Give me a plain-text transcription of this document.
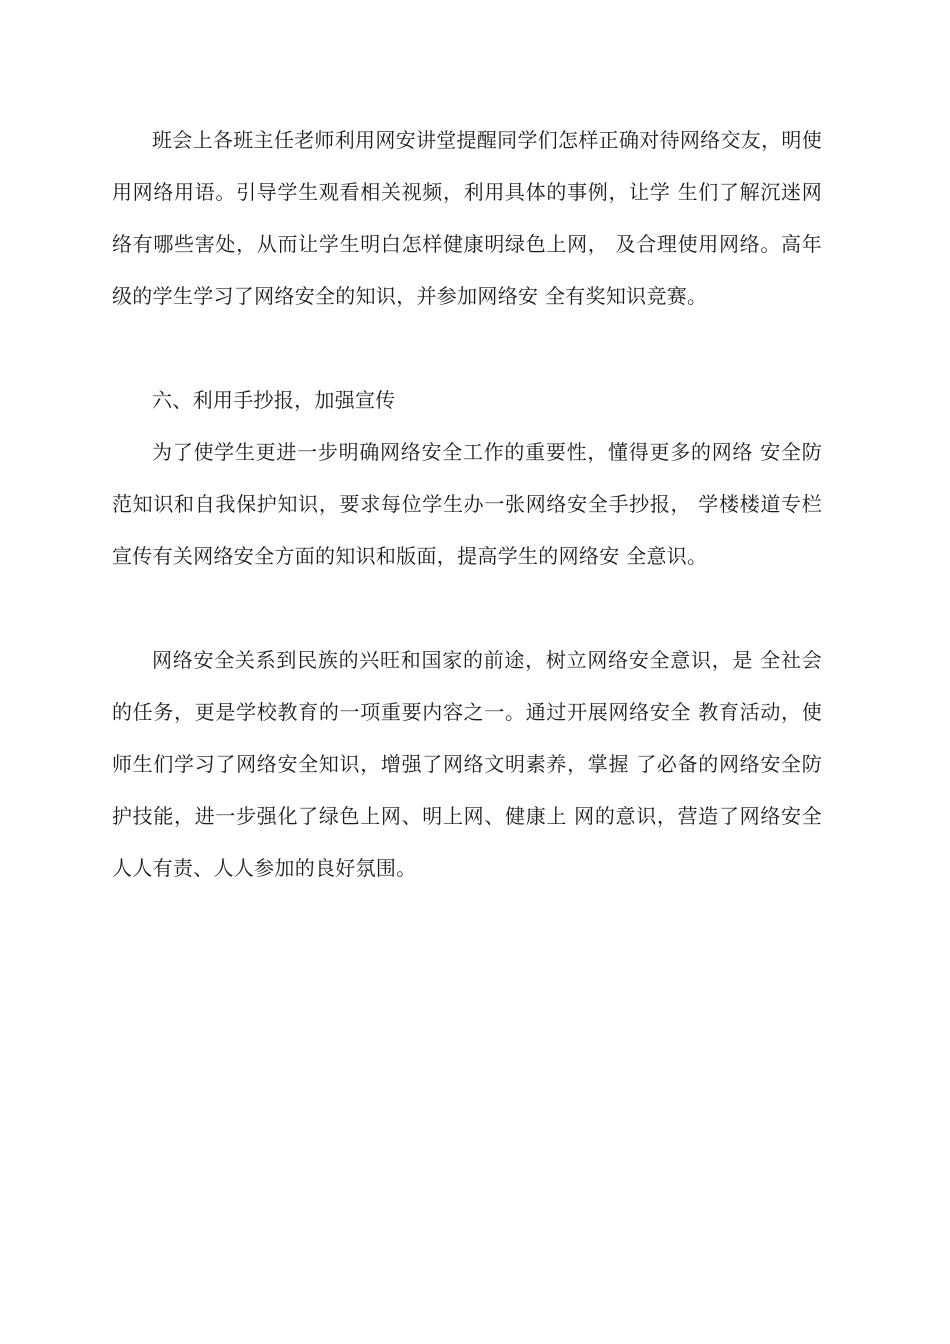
班会上各班主任老师利用网安讲堂提醒同学们怎样正确对待网络交友，明使用网络用语。引导学生观看相关视频，利用具体的事例，让学 生们了解沉迷网络有哪些害处，从而让学生明白怎样健康明绿色上网， 及合理使用网络。高年级的学生学习了网络安全的知识，并参加网络安 全有奖知识竞赛。

六、利用手抄报，加强宣传

为了使学生更进一步明确网络安全工作的重要性，懂得更多的网络 安全防范知识和自我保护知识，要求每位学生办一张网络安全手抄报， 学楼楼道专栏宣传有关网络安全方面的知识和版面，提高学生的网络安 全意识。

网络安全关系到民族的兴旺和国家的前途，树立网络安全意识，是 全社会的任务，更是学校教育的一项重要内容之一。通过开展网络安全 教育活动，使师生们学习了网络安全知识，增强了网络文明素养，掌握 了必备的网络安全防护技能，进一步强化了绿色上网、明上网、健康上 网的意识，营造了网络安全人人有责、人人参加的良好氛围。
